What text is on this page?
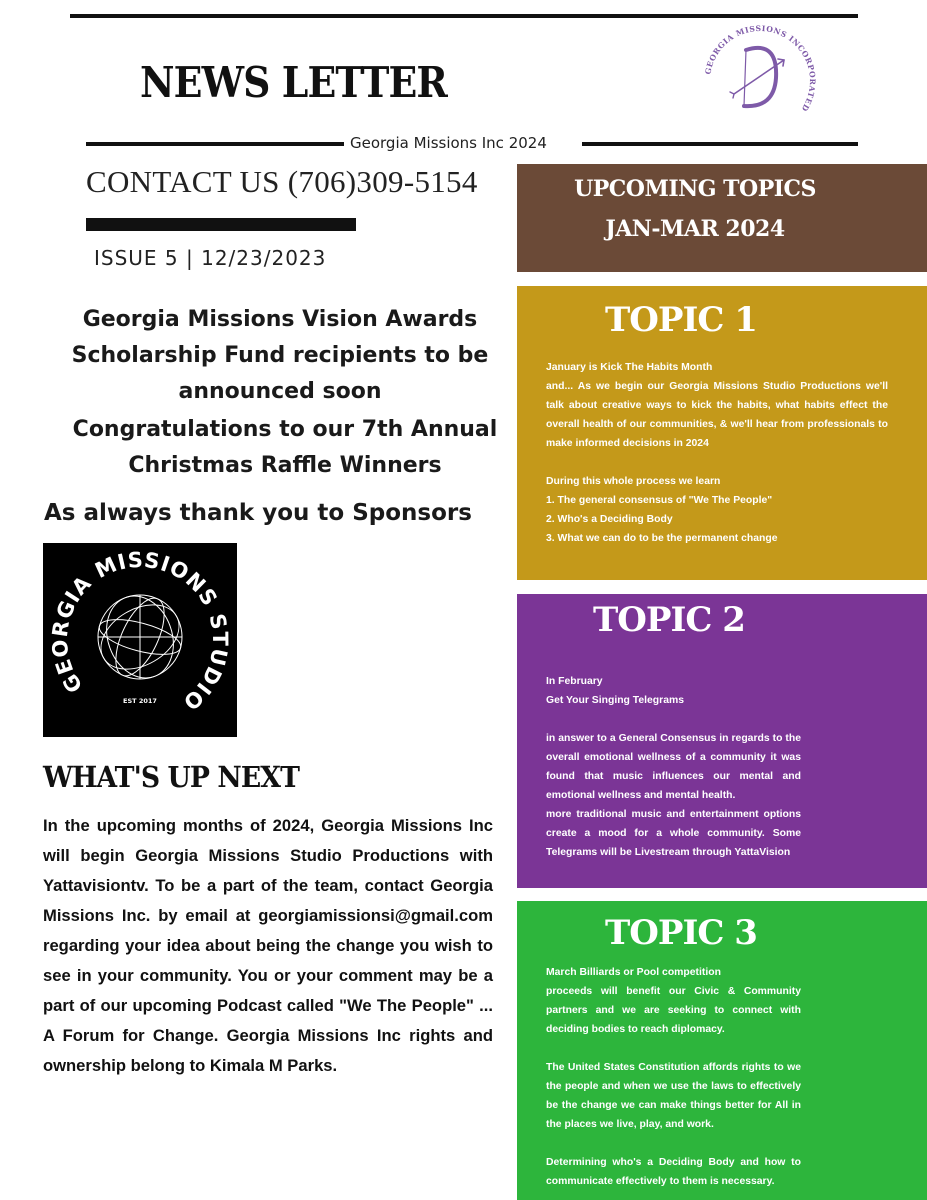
NEWS LETTER
Georgia Missions Inc 2024
GEORGIA MISSIONS INCORPORATED
CONTACT US (706)309-5154
ISSUE 5 | 12/23/2023
Georgia Missions Vision Awards Scholarship Fund recipients to be announced soon
Congratulations to our 7th Annual Christmas Raffle Winners
As always thank you to Sponsors
GEORGIA MISSIONS STUDIO
EST 2017
WHAT'S UP NEXT
In the upcoming months of 2024, Georgia Missions Inc will begin Georgia Missions Studio Productions with Yattavisiontv. To be a part of the team, contact Georgia Missions Inc. by email at georgiamissionsi@gmail.com regarding your idea about being the change you wish to see in your community. You or your comment may be a part of our upcoming Podcast called "We The People" ... A Forum for Change. Georgia Missions Inc rights and ownership belong to Kimala M Parks.
UPCOMING TOPICS
JAN-MAR 2024
TOPIC 1

January is Kick The Habits Month

and... As we begin our Georgia Missions Studio Productions we'll talk about creative ways to kick the habits, what habits effect the overall health of our communities, & we'll hear from professionals to make informed decisions in 2024

During this whole process we learn

1. The general consensus of "We The People"

2. Who's a Deciding Body

3. What we can do to be the permanent change

TOPIC 2

In February

Get Your Singing Telegrams

in answer to a General Consensus in regards to the overall emotional wellness of a community it was found that music influences our mental and emotional wellness and mental health.

more traditional music and entertainment options create a mood for a whole community. Some Telegrams will be Livestream through YattaVision

TOPIC 3

March Billiards or Pool competition

proceeds will benefit our Civic & Community partners and we are seeking to connect with deciding bodies to reach diplomacy.

The United States Constitution affords rights to we the people and when we use the laws to effectively be the change we can make things better for All in the places we live, play, and work.

Determining who's a Deciding Body and how to communicate effectively to them is necessary.
